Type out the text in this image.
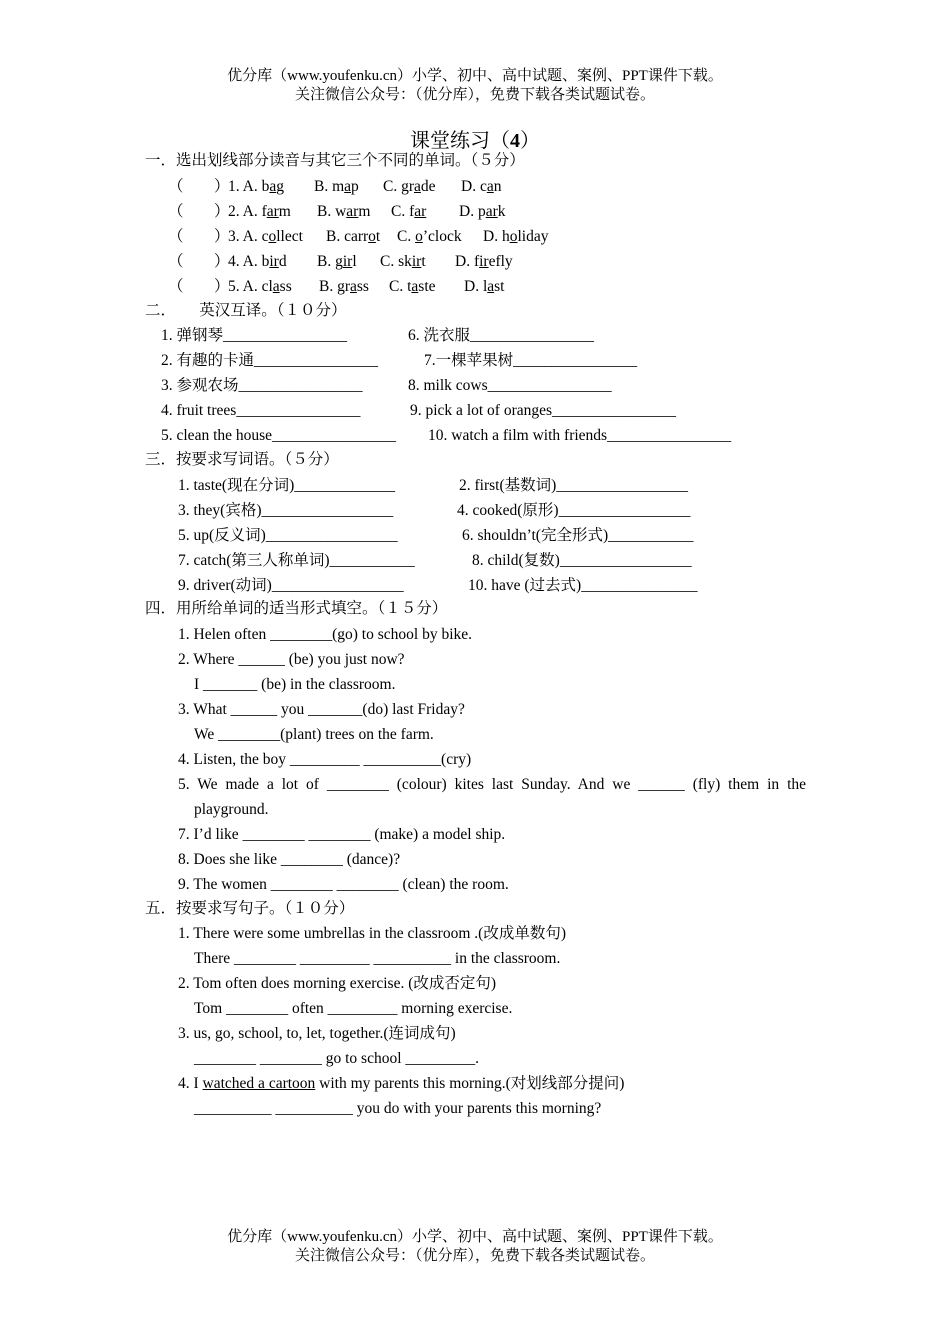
优分库（www.youfenku.cn）小学、初中、高中试题、案例、PPT课件下载。
关注微信公众号：（优分库），免费下载各类试题试卷。
课堂练习（4）
一．选出划线部分读音与其它三个不同的单词。（５分）
（ ）
1. A. bag B. map C. grade D. can
（ ）
2. A. farm B. warm C. far D. park
（ ）
3. A. collect B. carrot C. o’clock D. holiday
（ ）
4. A. bird B. girl C. skirt D. firefly
（ ）
5. A. class B. grass C. taste D. last
二．　　英汉互译。（１０分）
1. 弹钢琴________________
2. 有趣的卡通________________
3. 参观农场________________
4. fruit trees________________
5. clean the house________________
6. 洗衣服________________
7.一棵苹果树________________
8. milk cows________________
9. pick a lot of oranges________________
10. watch a film with friends________________
三．按要求写词语。（５分）
1. taste(现在分词)_____________
3. they(宾格)_________________
5. up(反义词)_________________
7. catch(第三人称单词)___________
9. driver(动词)_________________
2. first(基数词)_________________
4. cooked(原形)_________________
6. shouldn’t(完全形式)___________
8. child(复数)_________________
10. have (过去式)_______________
四．用所给单词的适当形式填空。（１５分）
1. Helen often ________(go) to school by bike.
2. Where ______ (be) you just now?
I _______ (be) in the classroom.
3. What ______ you _______(do) last Friday?
We ________(plant) trees on the farm.
4. Listen, the boy _________ __________(cry)
5. We made a lot of ________ (colour) kites last Sunday. And we ______ (fly) them in the
playground.
7. I’d like ________ ________ (make) a model ship.
8. Does she like ________ (dance)?
9. The women ________ ________ (clean) the room.
五．按要求写句子。（１０分）
1. There were some umbrellas in the classroom .(改成单数句)
There ________ _________ __________ in the classroom.
2. Tom often does morning exercise. (改成否定句)
Tom ________ often _________ morning exercise.
3. us, go, school, to, let, together.(连词成句)
________ ________ go to school _________.
4. I watched a cartoon with my parents this morning.(对划线部分提问)
__________ __________ you do with your parents this morning?
优分库（www.youfenku.cn）小学、初中、高中试题、案例、PPT课件下载。
关注微信公众号：（优分库），免费下载各类试题试卷。
